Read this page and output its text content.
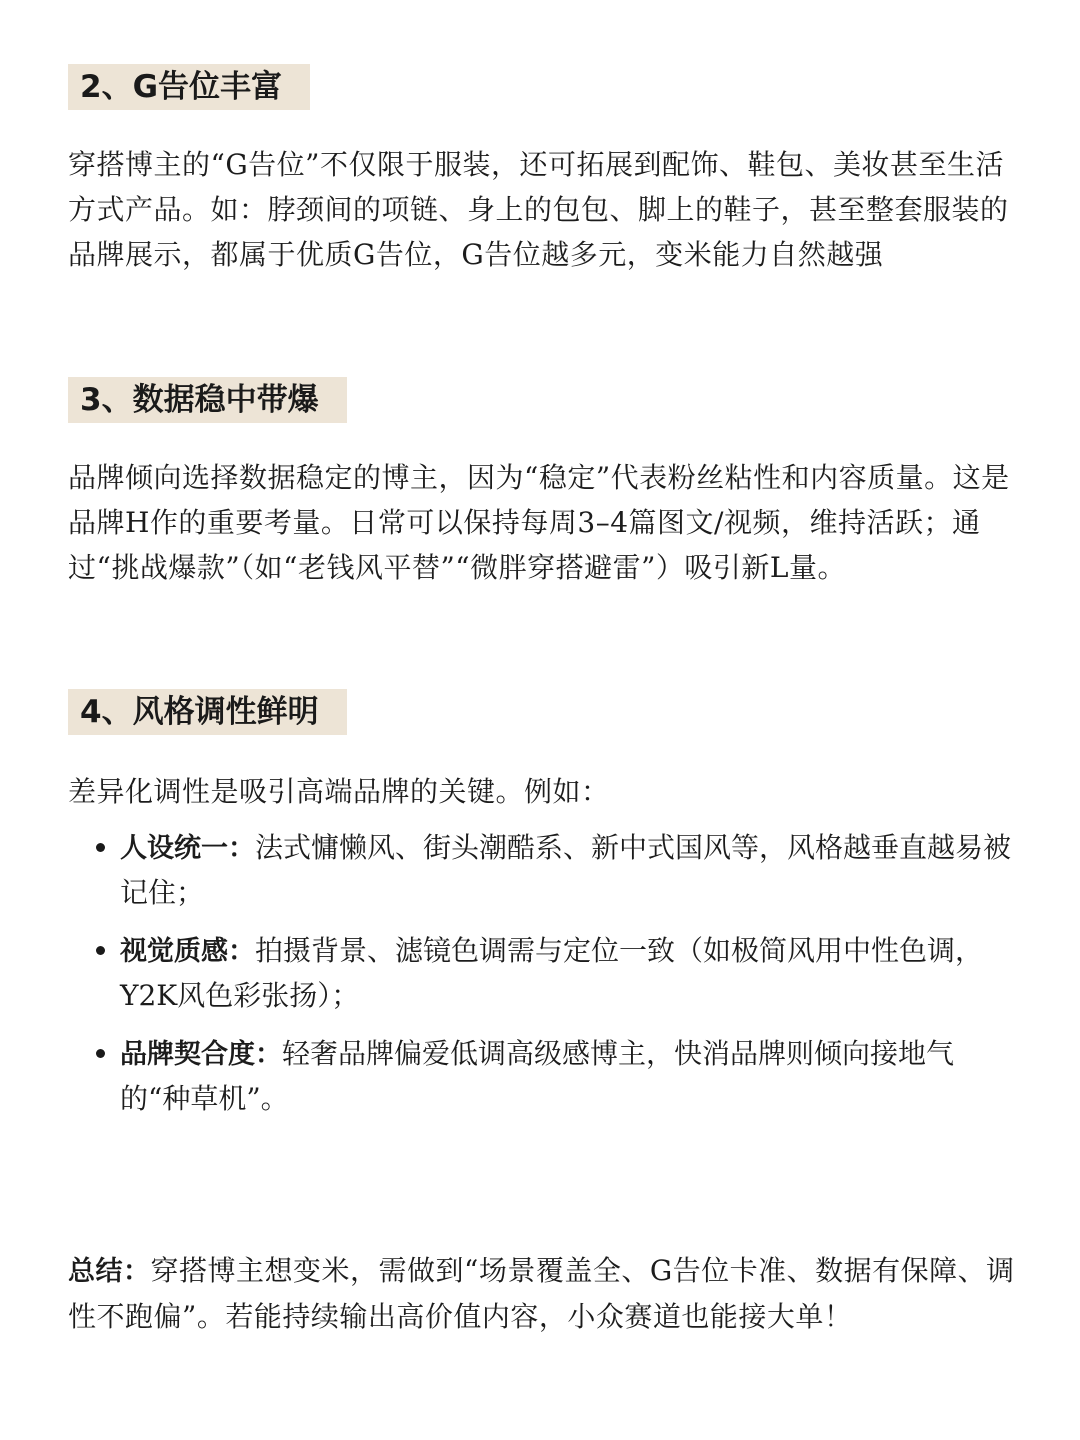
2、G告位丰富

穿搭博主的“G告位”不仅限于服装，还可拓展到配饰、鞋包、美妆甚至生活方式产品。如：脖颈间的项链、身上的包包、脚上的鞋子，甚至整套服装的品牌展示，都属于优质G告位，G告位越多元，变米能力自然越强

3、数据稳中带爆

品牌倾向选择数据稳定的博主，因为“稳定”代表粉丝粘性和内容质量。这是品牌H作的重要考量。日常可以保持每周3–4篇图文/视频，维持活跃；通过“挑战爆款”（如“老钱风平替”“微胖穿搭避雷”）吸引新L量。

4、风格调性鲜明

差异化调性是吸引高端品牌的关键。例如：

人设统一：法式慵懒风、街头潮酷系、新中式国风等，风格越垂直越易被记住；
视觉质感：拍摄背景、滤镜色调需与定位一致（如极简风用中性色调，Y2K风色彩张扬）；
品牌契合度：轻奢品牌偏爱低调高级感博主，快消品牌则倾向接地气的“种草机”。

总结：穿搭博主想变米，需做到“场景覆盖全、G告位卡准、数据有保障、调性不跑偏”。若能持续输出高价值内容，小众赛道也能接大单！
